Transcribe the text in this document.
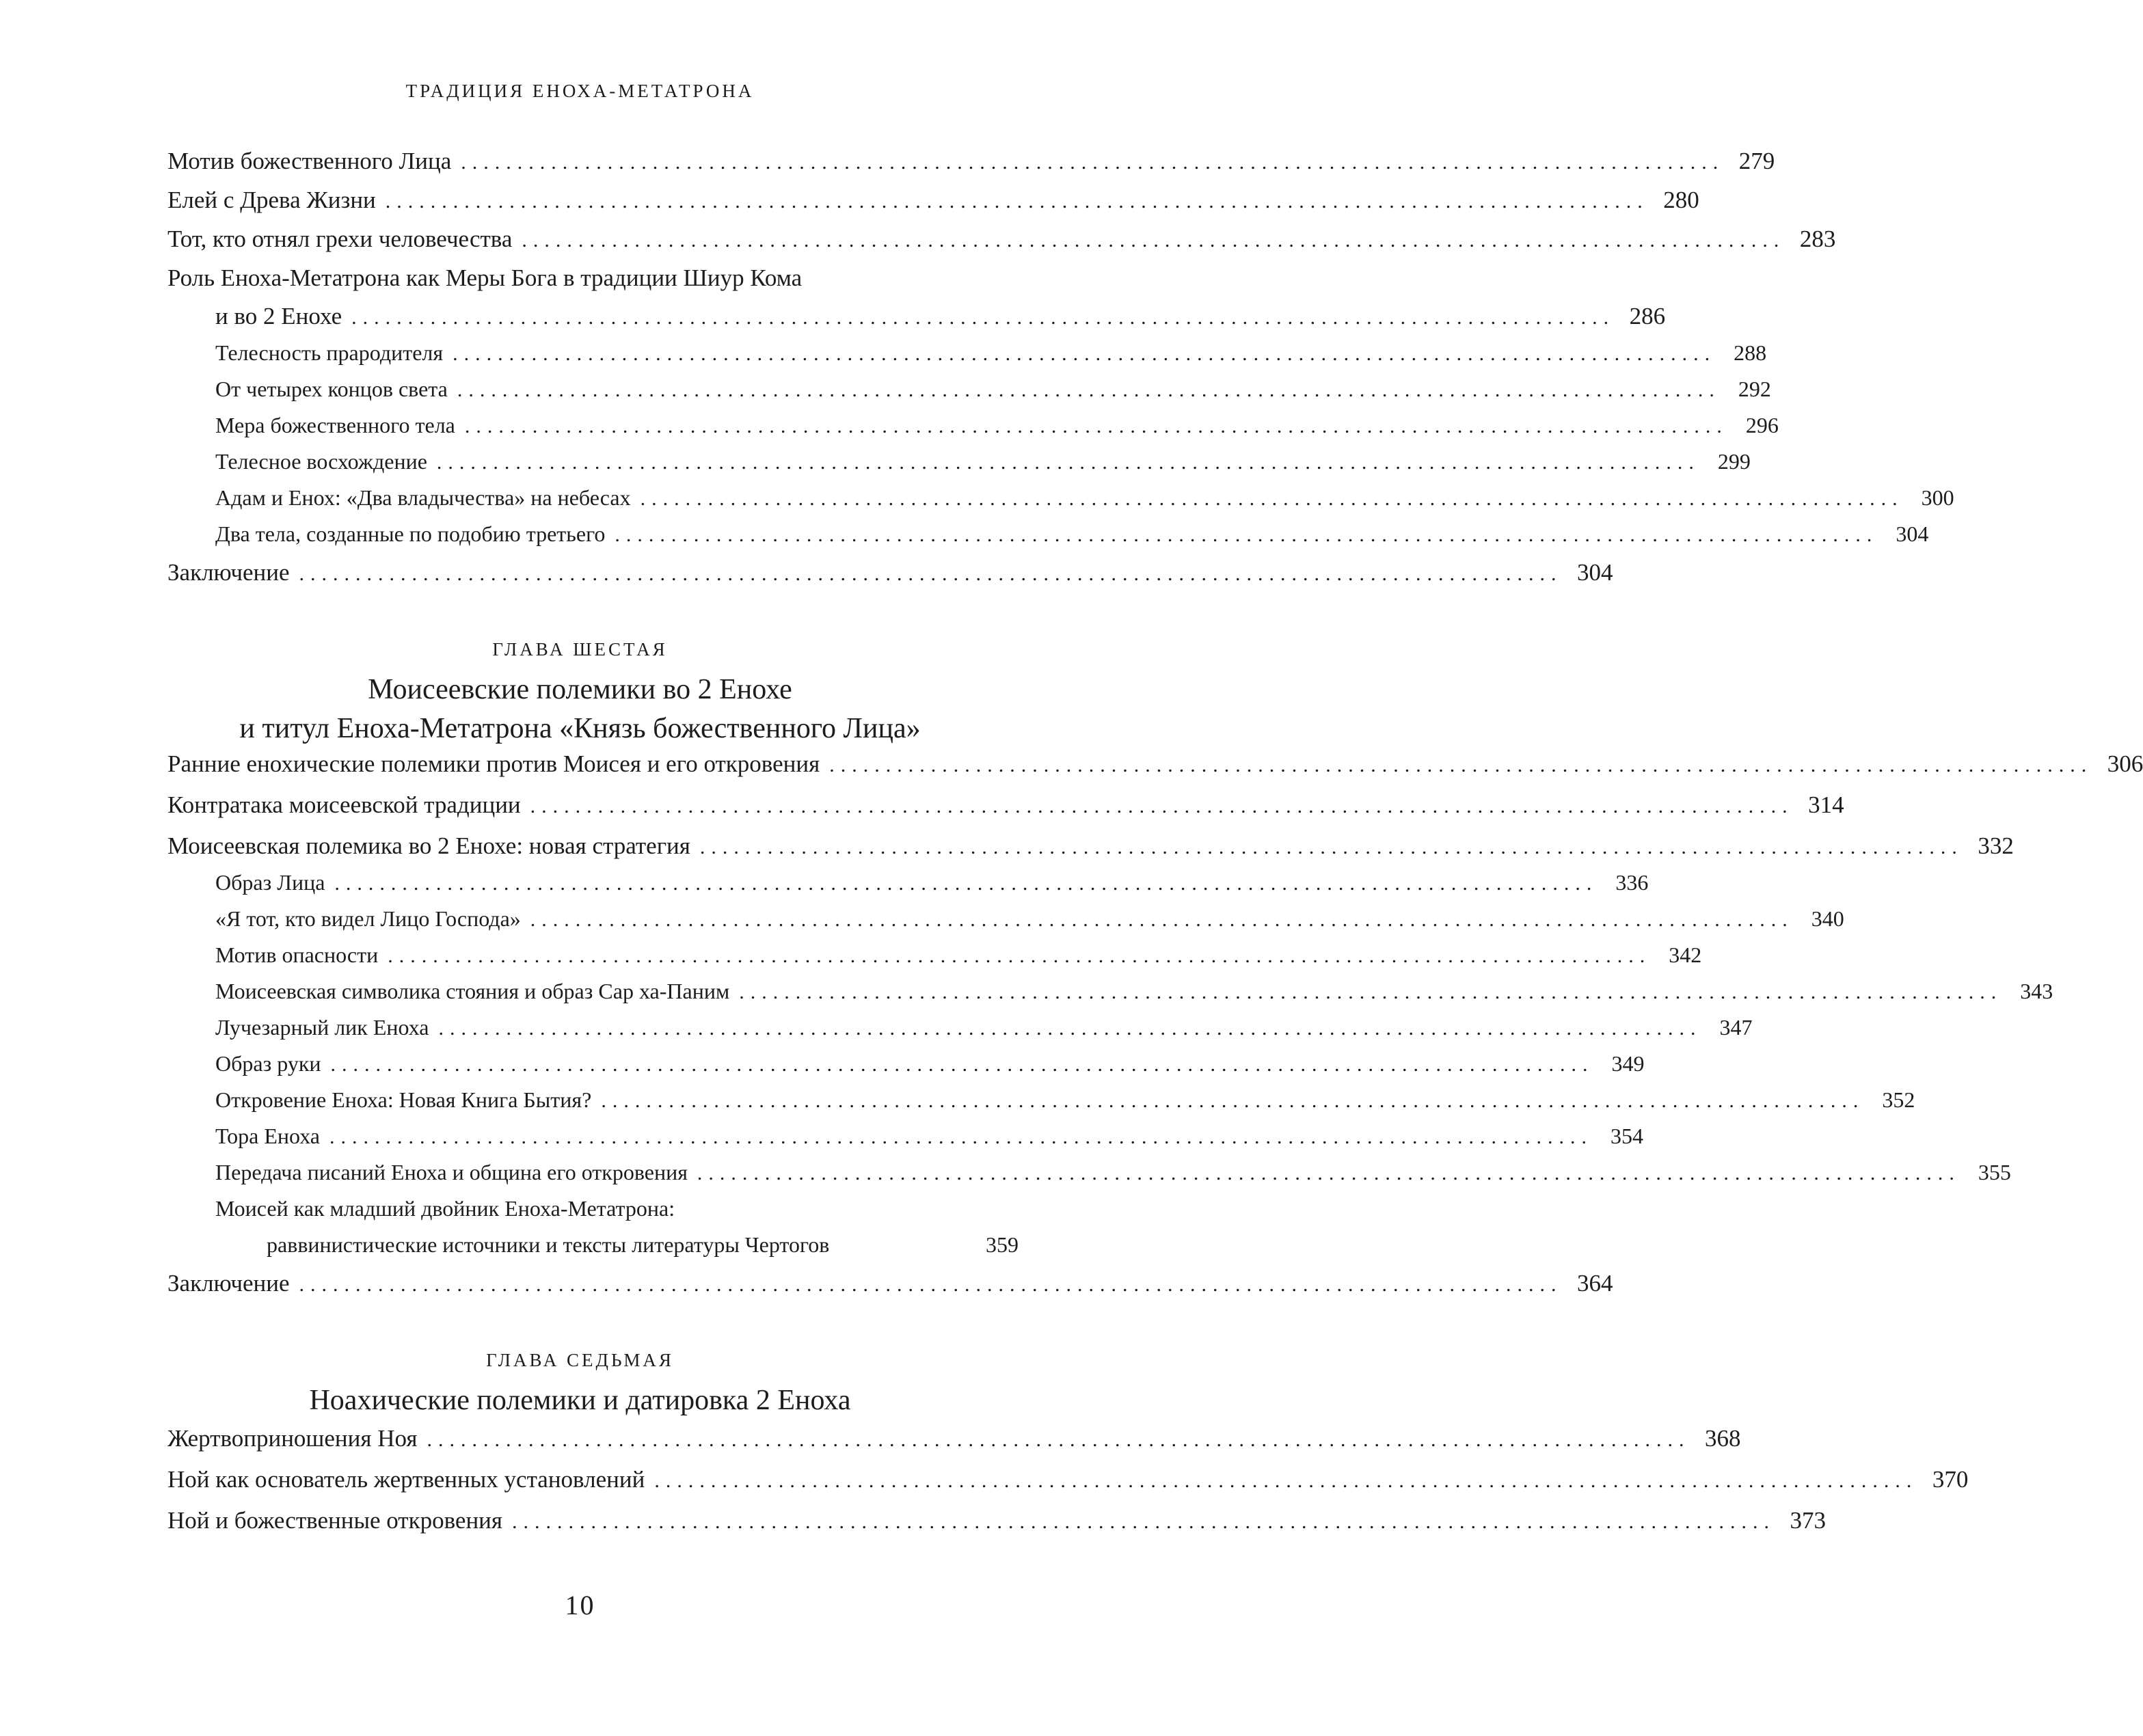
ТРАДИЦИЯ ЕНОХА-МЕТАТРОНА
Мотив божественного Лица ................................................................................................................ 279
Елей с Древа Жизни ................................................................................................................ 280
Тот, кто отнял грехи человечества ................................................................................................................ 283
Роль Еноха-Метатрона как Меры Бога в традиции Шиур Кома
и во 2 Енохе ................................................................................................................ 286
Телесность прародителя ................................................................................................................ 288
От четырех концов света ................................................................................................................ 292
Мера божественного тела ................................................................................................................ 296
Телесное восхождение ................................................................................................................ 299
Адам и Енох: «Два владычества» на небесах ................................................................................................................ 300
Два тела, созданные по подобию третьего ................................................................................................................ 304
Заключение ................................................................................................................ 304
ГЛАВА ШЕСТАЯ
Моисеевские полемики во 2 Енохе
и титул Еноха-Метатрона «Князь божественного Лица»
Ранние енохические полемики против Моисея и его откровения ................................................................................................................ 306
Контратака моисеевской традиции ................................................................................................................ 314
Моисеевская полемика во 2 Енохе: новая стратегия ................................................................................................................ 332
Образ Лица ................................................................................................................ 336
«Я тот, кто видел Лицо Господа» ................................................................................................................ 340
Мотив опасности ................................................................................................................ 342
Моисеевская символика стояния и образ Сар ха-Паним ................................................................................................................ 343
Лучезарный лик Еноха ................................................................................................................ 347
Образ руки ................................................................................................................ 349
Откровение Еноха: Новая Книга Бытия? ................................................................................................................ 352
Тора Еноха ................................................................................................................ 354
Передача писаний Еноха и община его откровения ................................................................................................................ 355
Моисей как младший двойник Еноха-Метатрона:
раввинистические источники и тексты литературы Чертогов	359
Заключение ................................................................................................................ 364
ГЛАВА СЕДЬМАЯ
Ноахические полемики и датировка 2 Еноха
Жертвоприношения Ноя ................................................................................................................ 368
Ной как основатель жертвенных установлений ................................................................................................................ 370
Ной и божественные откровения ................................................................................................................ 373
10
